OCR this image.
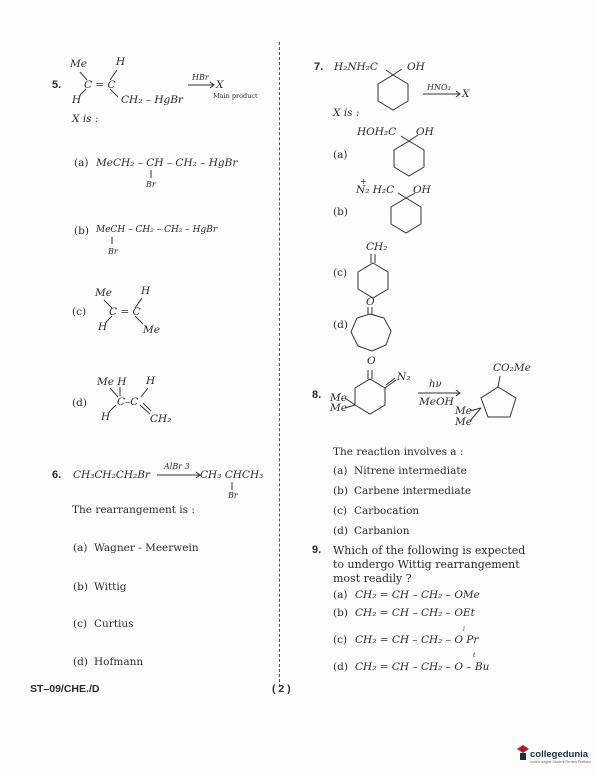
5.
Me	H
C = C
H	CH₂ – HgBr
HBr
X
Main product
X is :
(a) MeCH₂ – CH – CH₂ – HgBr
Br
(b) MeCH – CH₂ – CH₂ – HgBr
Br
(c)
Me	H
C = C
H	Me
(d)
Me H H
C–C
H	CH₂
6. CH₃CH₂CH₂Br
AlBr 3
CH₃ CHCH₃
Br
The rearrangement is :
(a) Wagner - Meerwein
(b) Wittig
(c) Curtius
(d) Hofmann
7. H₂NH₂C	OH
HNO₂
X
X is :
(a)
HOH₂C OH
(b)
+
N₂ H₂C OH
(c)
CH₂
(d)
O
8.
O
N₂
Me
Me
hν
MeOH
CO₂Me
Me
Me
The reaction involves a :
(a) Nitrene intermediate
(b) Carbene intermediate
(c) Carbocation
(d) Carbanion
9. Which of the following is expected
to undergo Wittig rearrangement
most readily ?
(a) CH₂ = CH – CH₂ – OMe
(b) CH₂ = CH – CH₂ – OEt
(c)
i
CH₂ = CH – CH₂ – O Pr
(d)
t
CH₂ = CH – CH₂ – O – Bu
ST–09/CHE./D	( 2 )
collegedunia
India's largest Student Review Platform
